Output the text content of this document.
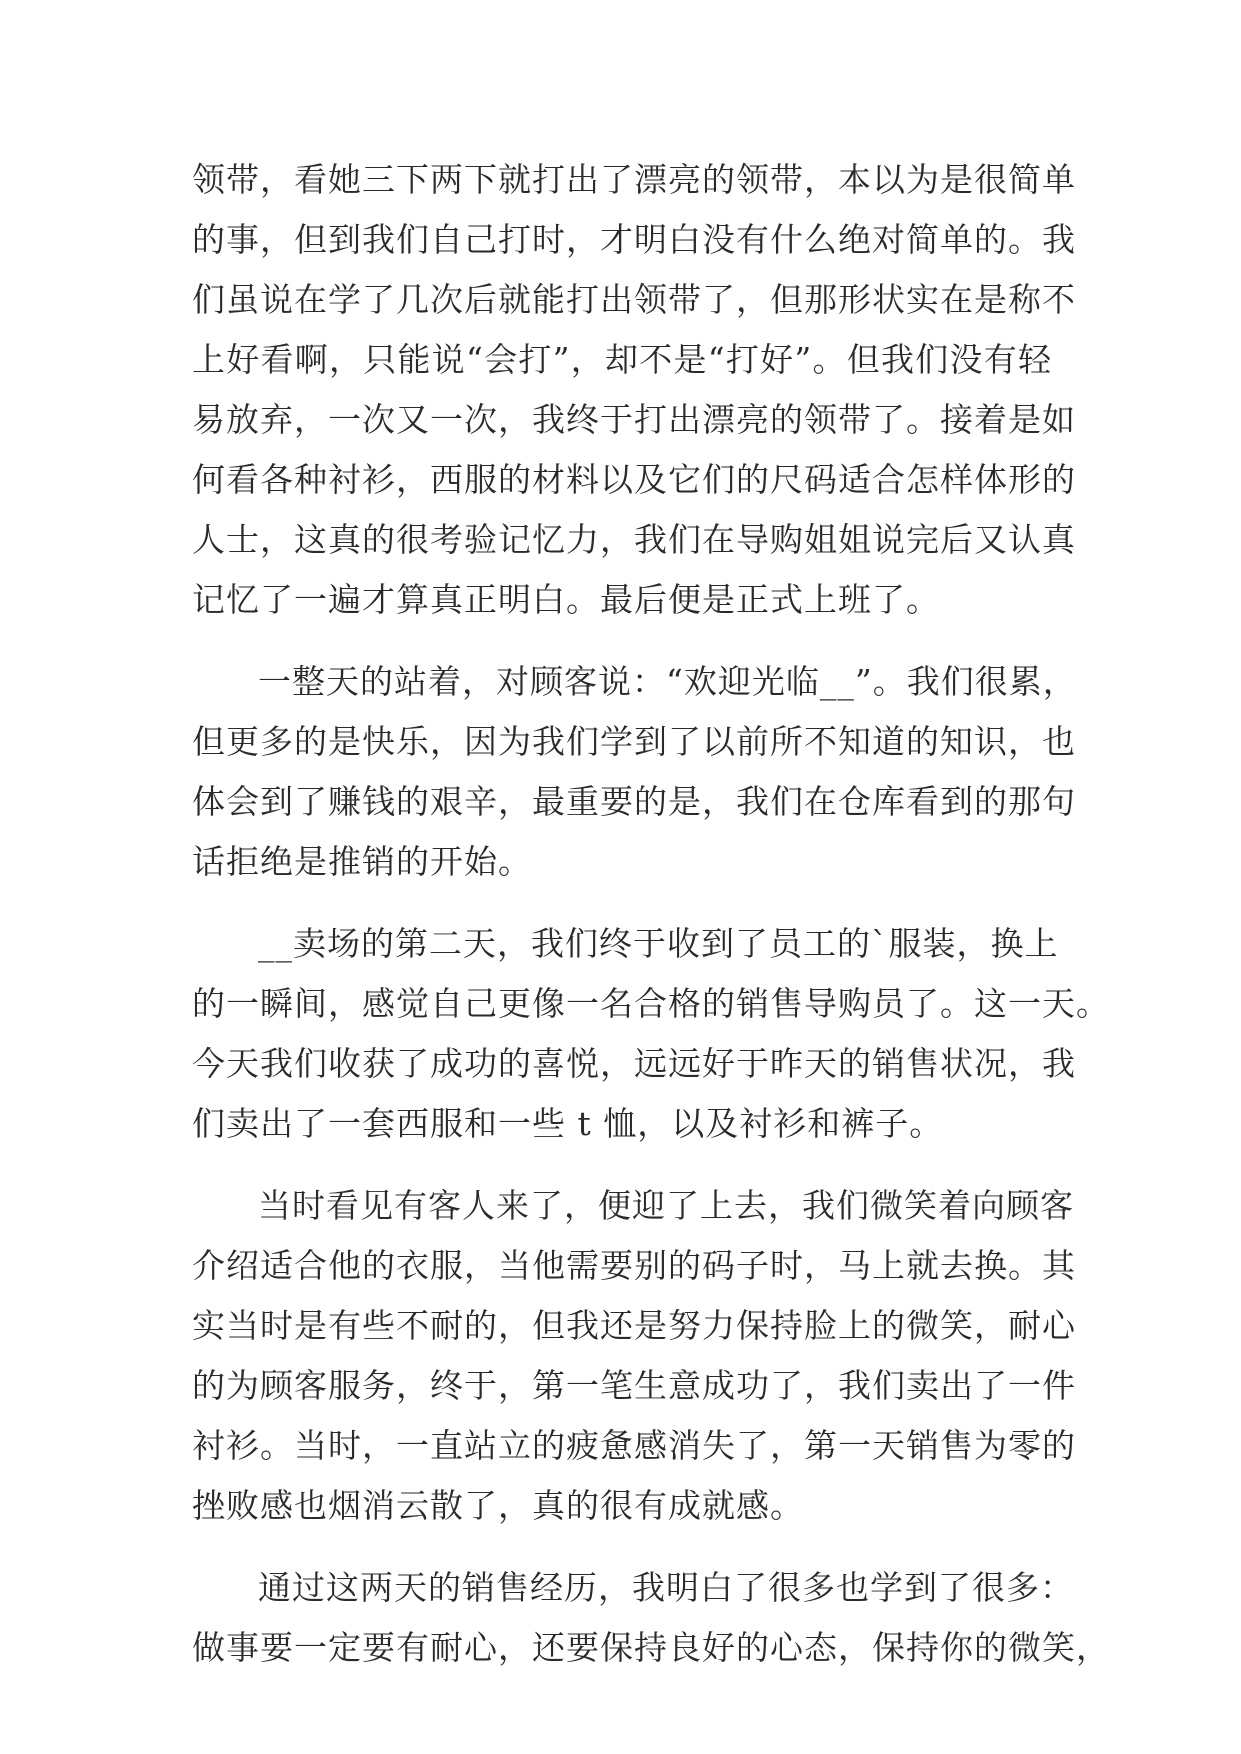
领带，看她三下两下就打出了漂亮的领带，本以为是很简单
的事，但到我们自己打时，才明白没有什么绝对简单的。我
们虽说在学了几次后就能打出领带了，但那形状实在是称不
上好看啊，只能说“会打”，却不是“打好”。但我们没有轻
易放弃，一次又一次，我终于打出漂亮的领带了。接着是如
何看各种衬衫，西服的材料以及它们的尺码适合怎样体形的
人士，这真的很考验记忆力，我们在导购姐姐说完后又认真
记忆了一遍才算真正明白。最后便是正式上班了。
一整天的站着，对顾客说：“欢迎光临__”。我们很累，
但更多的是快乐，因为我们学到了以前所不知道的知识，也
体会到了赚钱的艰辛，最重要的是，我们在仓库看到的那句
话拒绝是推销的开始。
__卖场的第二天，我们终于收到了员工的`服装，换上
的一瞬间，感觉自己更像一名合格的销售导购员了。这一天。
今天我们收获了成功的喜悦，远远好于昨天的销售状况，我
们卖出了一套西服和一些 t 恤，以及衬衫和裤子。
当时看见有客人来了，便迎了上去，我们微笑着向顾客
介绍适合他的衣服，当他需要别的码子时，马上就去换。其
实当时是有些不耐的，但我还是努力保持脸上的微笑，耐心
的为顾客服务，终于，第一笔生意成功了，我们卖出了一件
衬衫。当时，一直站立的疲惫感消失了，第一天销售为零的
挫败感也烟消云散了，真的很有成就感。
通过这两天的销售经历，我明白了很多也学到了很多：
做事要一定要有耐心，还要保持良好的心态，保持你的微笑，
